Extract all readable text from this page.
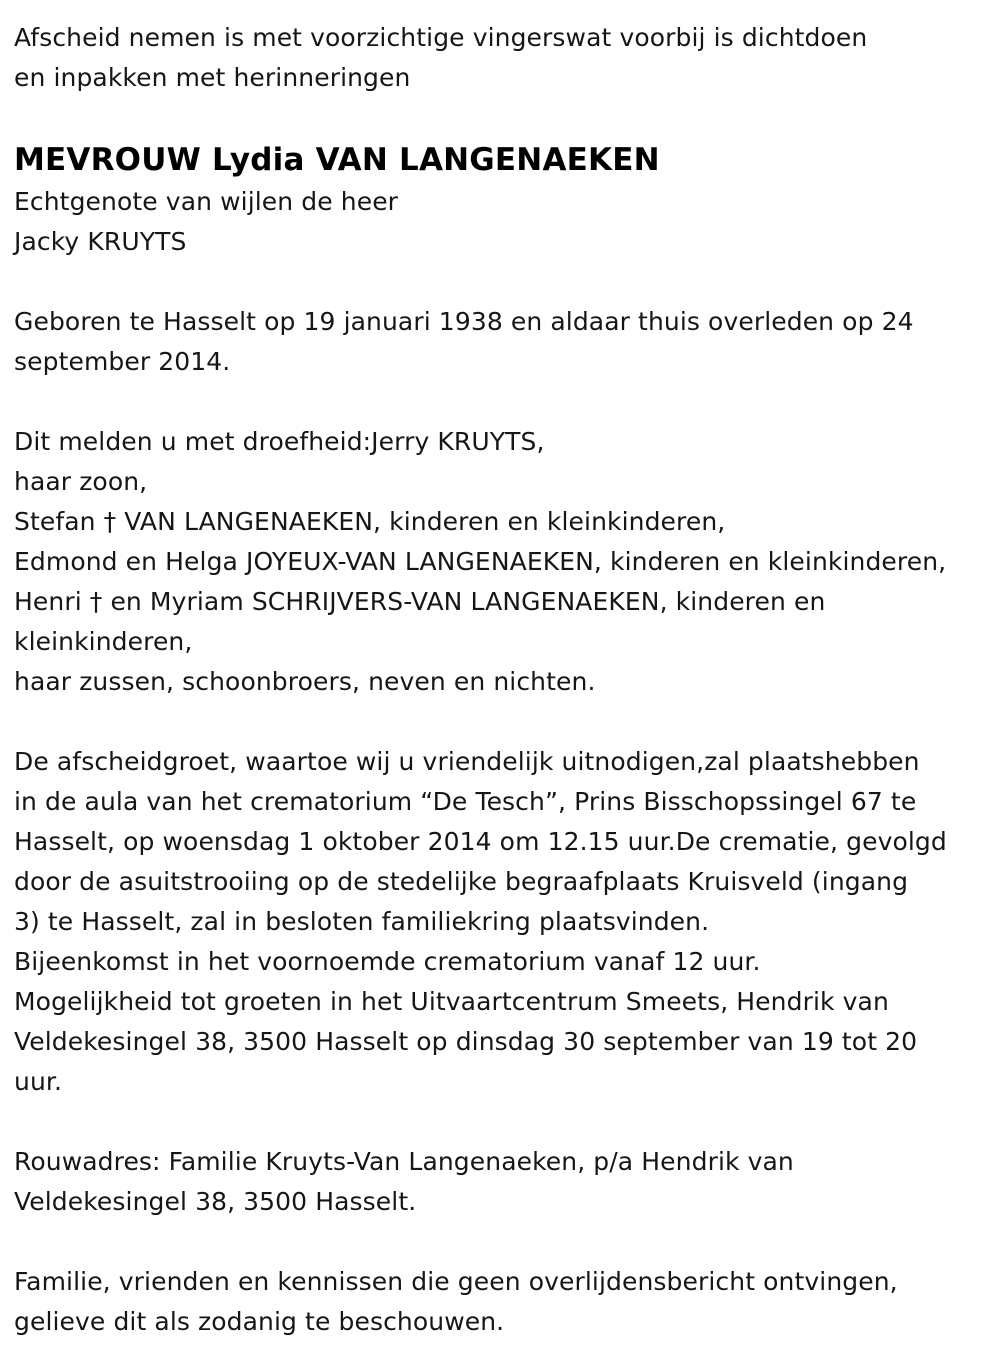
Afscheid nemen is met voorzichtige vingerswat voorbij is dichtdoen
en inpakken met herinneringen
MEVROUW Lydia VAN LANGENAEKEN
Echtgenote van wijlen de heer
Jacky KRUYTS
Geboren te Hasselt op 19 januari 1938 en aldaar thuis overleden op 24
september 2014.
Dit melden u met droefheid:Jerry KRUYTS,
haar zoon,
Stefan † VAN LANGENAEKEN, kinderen en kleinkinderen,
Edmond en Helga JOYEUX-VAN LANGENAEKEN, kinderen en kleinkinderen,
Henri † en Myriam SCHRIJVERS-VAN LANGENAEKEN, kinderen en
kleinkinderen,
haar zussen, schoonbroers, neven en nichten.
De afscheidgroet, waartoe wij u vriendelijk uitnodigen,zal plaatshebben
in de aula van het crematorium “De Tesch”, Prins Bisschopssingel 67 te
Hasselt, op woensdag 1 oktober 2014 om 12.15 uur.De crematie, gevolgd
door de asuitstrooiing op de stedelijke begraafplaats Kruisveld (ingang
3) te Hasselt, zal in besloten familiekring plaatsvinden.
Bijeenkomst in het voornoemde crematorium vanaf 12 uur.
Mogelijkheid tot groeten in het Uitvaartcentrum Smeets, Hendrik van
Veldekesingel 38, 3500 Hasselt op dinsdag 30 september van 19 tot 20
uur.
Rouwadres: Familie Kruyts-Van Langenaeken, p/a Hendrik van
Veldekesingel 38, 3500 Hasselt.
Familie, vrienden en kennissen die geen overlijdensbericht ontvingen,
gelieve dit als zodanig te beschouwen.
